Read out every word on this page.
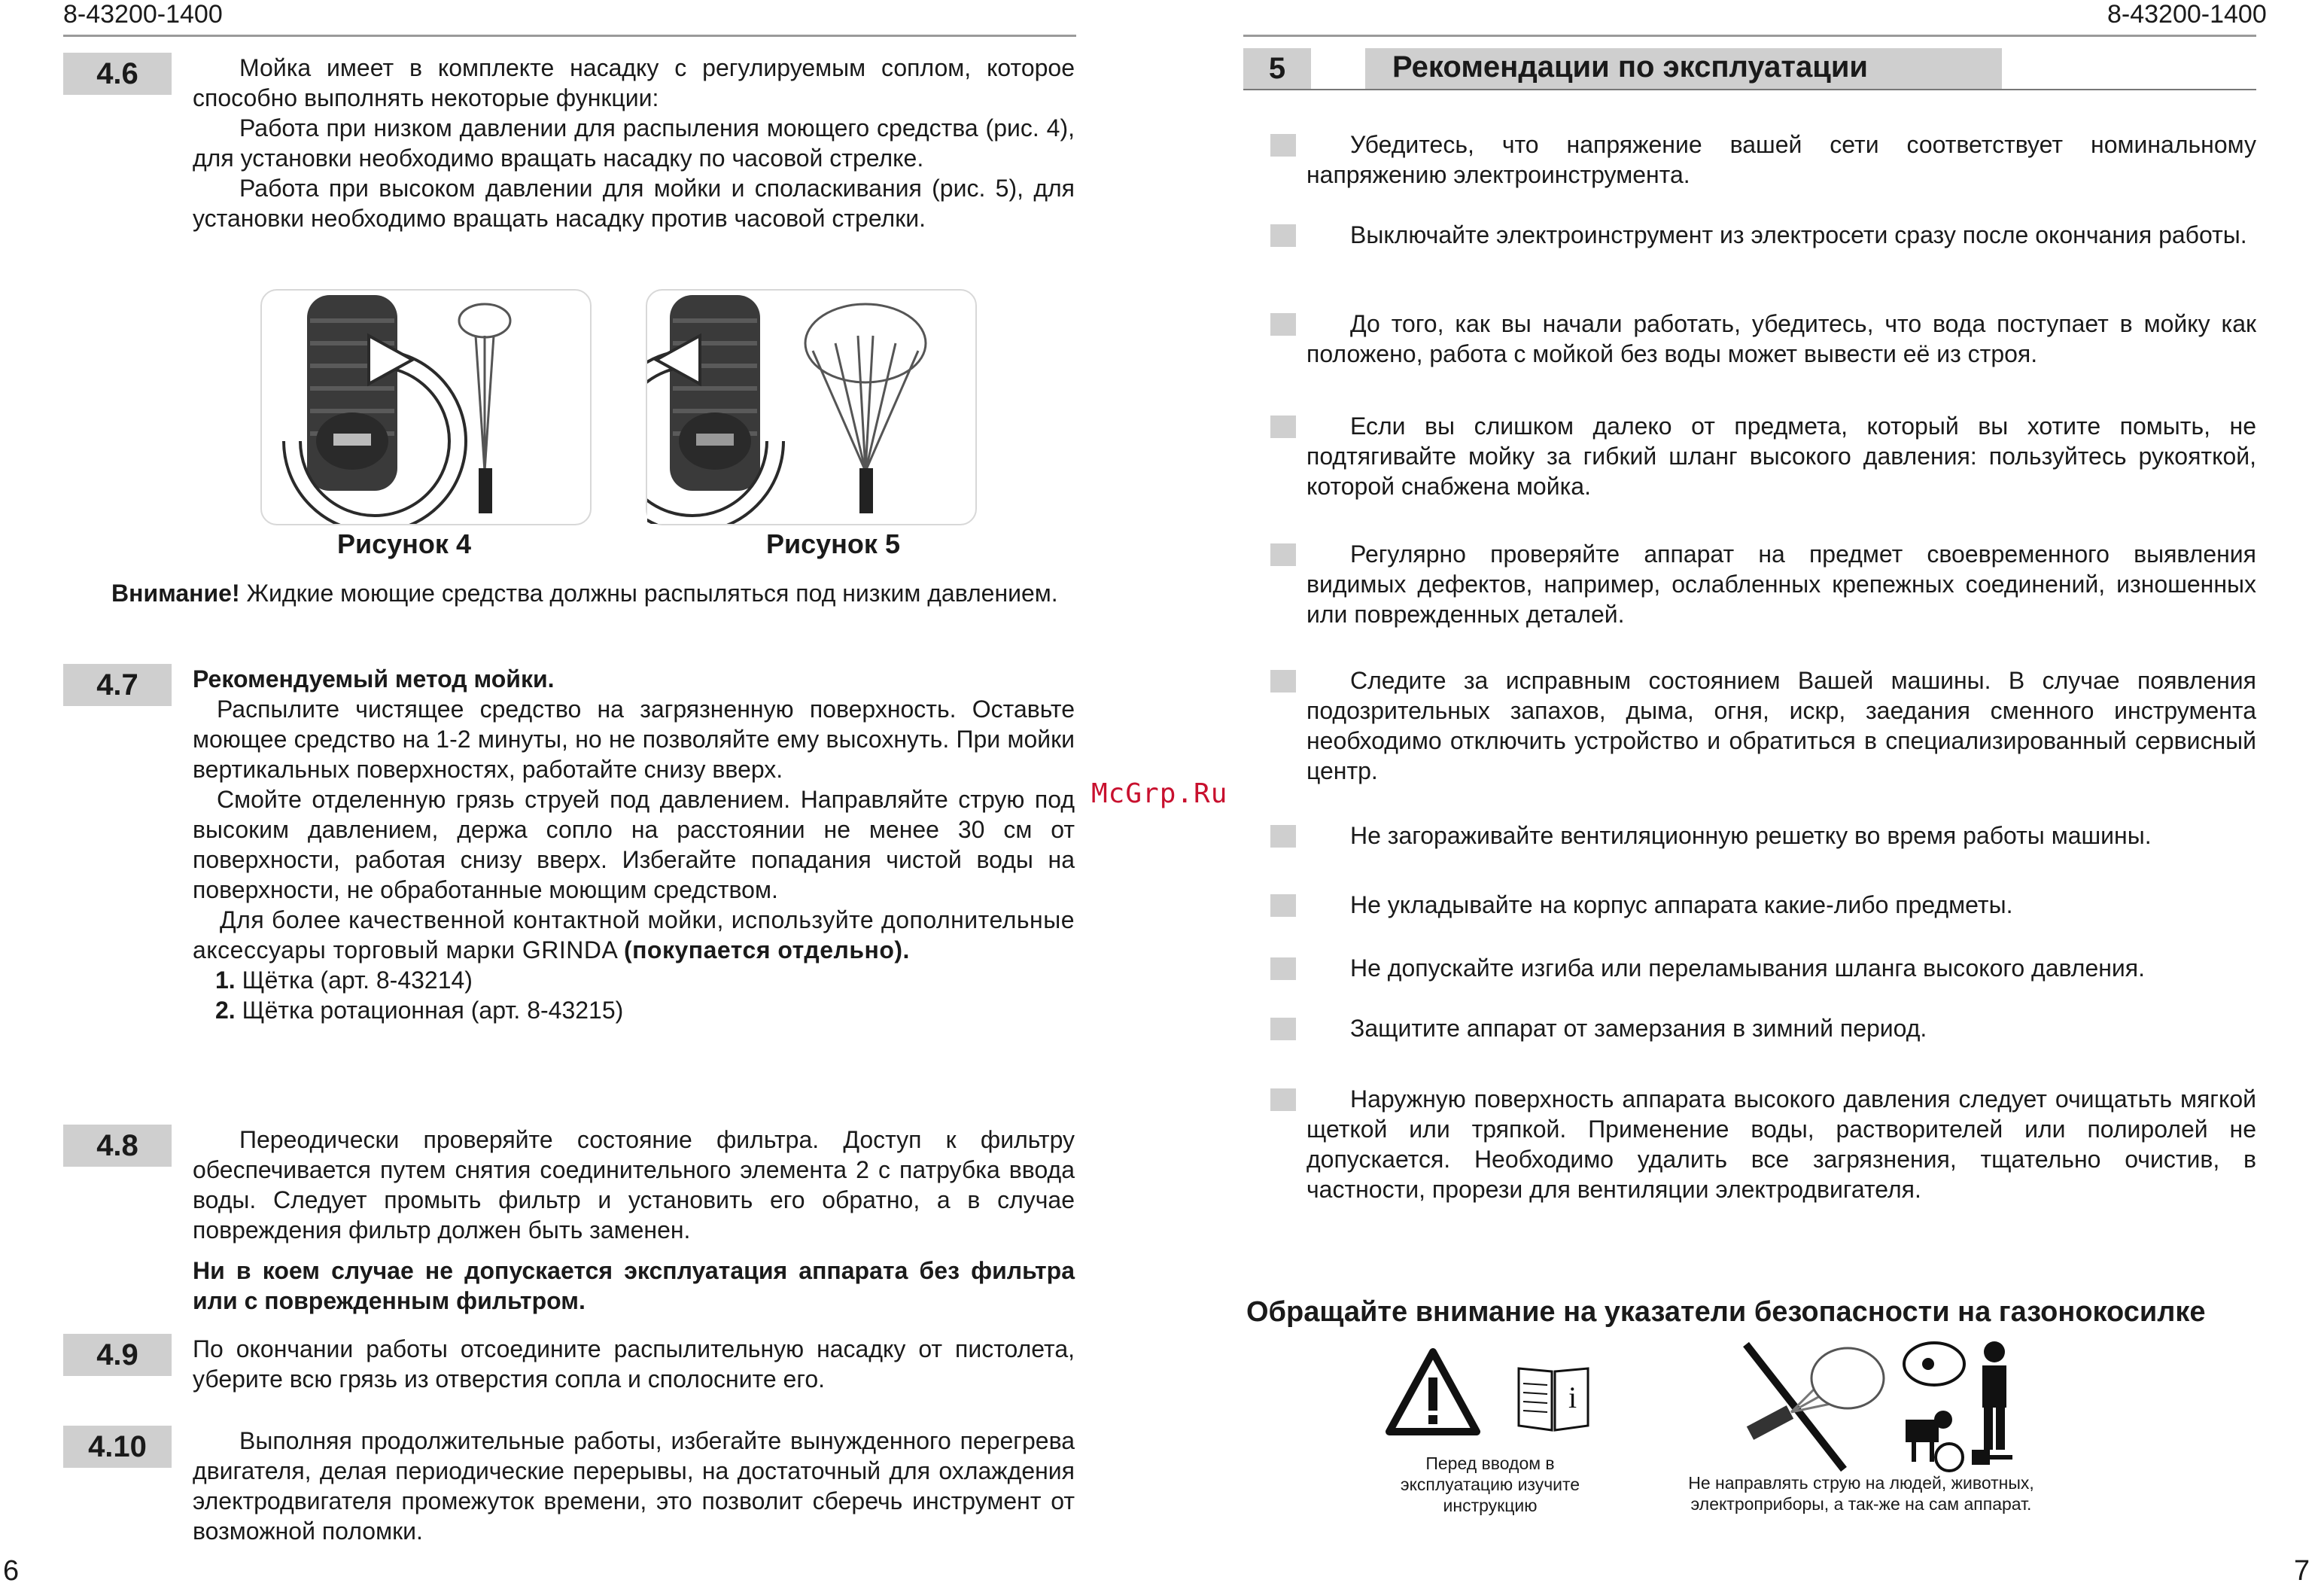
8-43200-1400	8-43200-1400
4.6	Мойка имеет в комплекте насадку с регулируемым соплом, которое способно выполнять некоторые функции:

Работа при низком давлении для распыления моющего средства (рис. 4), для установки необходимо вращать насадку по часовой стрелке.

Работа при высоком давлении для мойки и споласкивания (рис. 5), для установки необходимо вращать насадку против часовой стрелки.

Рисунок 4	Рисунок 5
Внимание! Жидкие моющие средства должны распыляться под низким давлением.
4.7	Рекомендуемый метод мойки.

Распылите чистящее средство на загрязненную поверхность. Оставьте моющее средство на 1-2 минуты, но не позволяйте ему высохнуть. При мойки вертикальных поверхностях, работайте снизу вверх.

Смойте отделенную грязь струей под давлением. Направляйте струю под высоким давлением, держа сопло на расстоянии не менее 30 см от поверхности, работая снизу вверх. Избегайте попадания чистой воды на поверхности, не обработанные моющим средством.

Для более качественной контактной мойки, используйте дополнительные аксессуары торговый марки GRINDA (покупается отдельно).

1. Щётка (арт. 8-43214)

2. Щётка ротационная (арт. 8-43215)

4.8	Переодически проверяйте состояние фильтра. Доступ к фильтру обеспечивается путем снятия соединительного элемента 2 с патрубка ввода воды. Следует промыть фильтр и установить его обратно, а в случае повреждения фильтр должен быть заменен.

Ни в коем случае не допускается эксплуатация аппарата без фильтра или с поврежденным фильтром.

4.9	По окончании работы отсоедините распылительную насадку от пистолета, уберите всю грязь из отверстия сопла и сполосните его.

4.10	Выполняя продолжительные работы, избегайте вынужденного перегрева двигателя, делая периодические перерывы, на достаточный для охлаждения электродвигателя промежуток времени, это позволит сберечь инструмент от возможной поломки.

6
McGrp.Ru
5	Рекомендации по эксплуатации
Убедитесь, что напряжение вашей сети соответствует номинальному напряжению электроинструмента.
Выключайте электроинструмент из электросети сразу после окончания работы.
До того, как вы начали работать, убедитесь, что вода поступает в мойку как положено, работа с мойкой без воды может вывести её из строя.
Если вы слишком далеко от предмета, который вы хотите помыть, не подтягивайте мойку за гибкий шланг высокого давления: пользуйтесь рукояткой, которой снабжена мойка.
Регулярно проверяйте аппарат на предмет своевременного выявления видимых дефектов, например, ослабленных крепежных соединений, изношенных или поврежденных деталей.
Следите за исправным состоянием Вашей машины. В случае появления подозрительных запахов, дыма, огня, искр, заедания сменного инструмента необходимо отключить устройство и обратиться в специализированный сервисный центр.
Не загораживайте вентиляционную решетку во время работы машины.
Не укладывайте на корпус аппарата какие-либо предметы.
Не допускайте изгиба или переламывания шланга высокого давления.
Защитите аппарат от замерзания в зимний период.
Наружную поверхность аппарата высокого давления следует очищатьть мягкой щеткой или тряпкой. Применение воды, растворителей или полиролей не допускается. Необходимо удалить все загрязнения, тщательно очистив, в частности, прорези для вентиляции электродвигателя.
Обращайте внимание на указатели безопасности на газонокосилке
i
Перед вводом в эксплуатацию изучите инструкцию
Не направлять струю на людей, животных, электроприборы, а так-же на сам аппарат.
7
